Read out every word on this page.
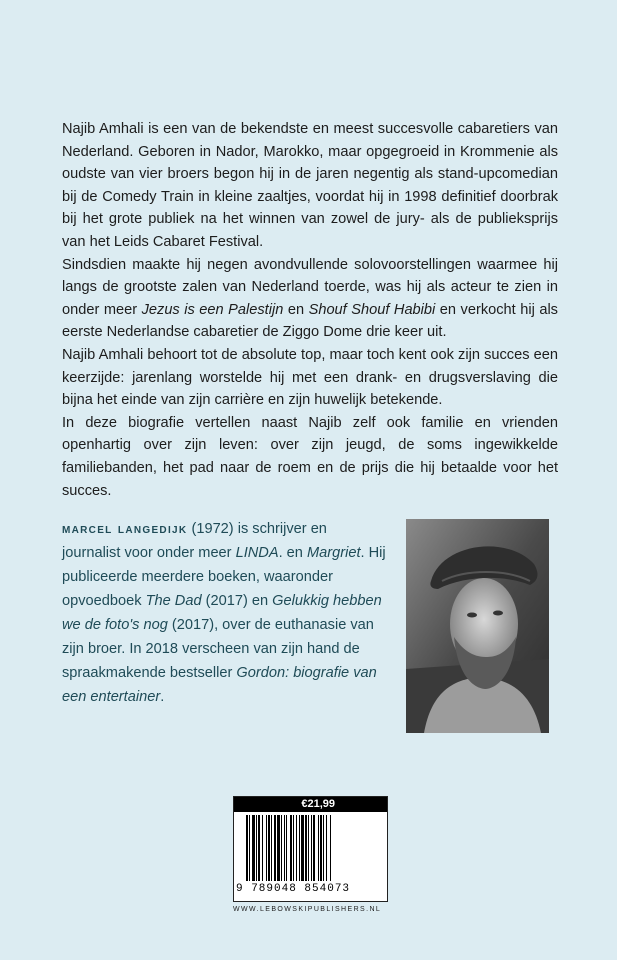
Najib Amhali is een van de bekendste en meest succesvolle cabaretiers van Nederland. Geboren in Nador, Marokko, maar opgegroeid in Krommenie als oudste van vier broers begon hij in de jaren negentig als stand-upcomedian bij de Comedy Train in kleine zaaltjes, voordat hij in 1998 definitief doorbrak bij het grote publiek na het winnen van zowel de jury- als de publieksprijs van het Leids Cabaret Festival.

Sindsdien maakte hij negen avondvullende solovoorstellingen waarmee hij langs de grootste zalen van Nederland toerde, was hij als acteur te zien in onder meer Jezus is een Palestijn en Shouf Shouf Habibi en verkocht hij als eerste Nederlandse cabaretier de Ziggo Dome drie keer uit.

Najib Amhali behoort tot de absolute top, maar toch kent ook zijn succes een keerzijde: jarenlang worstelde hij met een drank- en drugsverslaving die bijna het einde van zijn carrière en zijn huwelijk betekende.

In deze biografie vertellen naast Najib zelf ook familie en vrienden openhartig over zijn leven: over zijn jeugd, de soms ingewikkelde familiebanden, het pad naar de roem en de prijs die hij betaalde voor het succes.

marcel langedijk (1972) is schrijver en journalist voor onder meer LINDA. en Margriet. Hij publiceerde meerdere boeken, waaronder opvoedboek The Dad (2017) en Gelukkig hebben we de foto's nog (2017), over de euthanasie van zijn broer. In 2018 verscheen van zijn hand de spraakmakende bestseller Gordon: biografie van een entertainer.
€21,99
9 789048 854073
WWW.LEBOWSKIPUBLISHERS.NL
